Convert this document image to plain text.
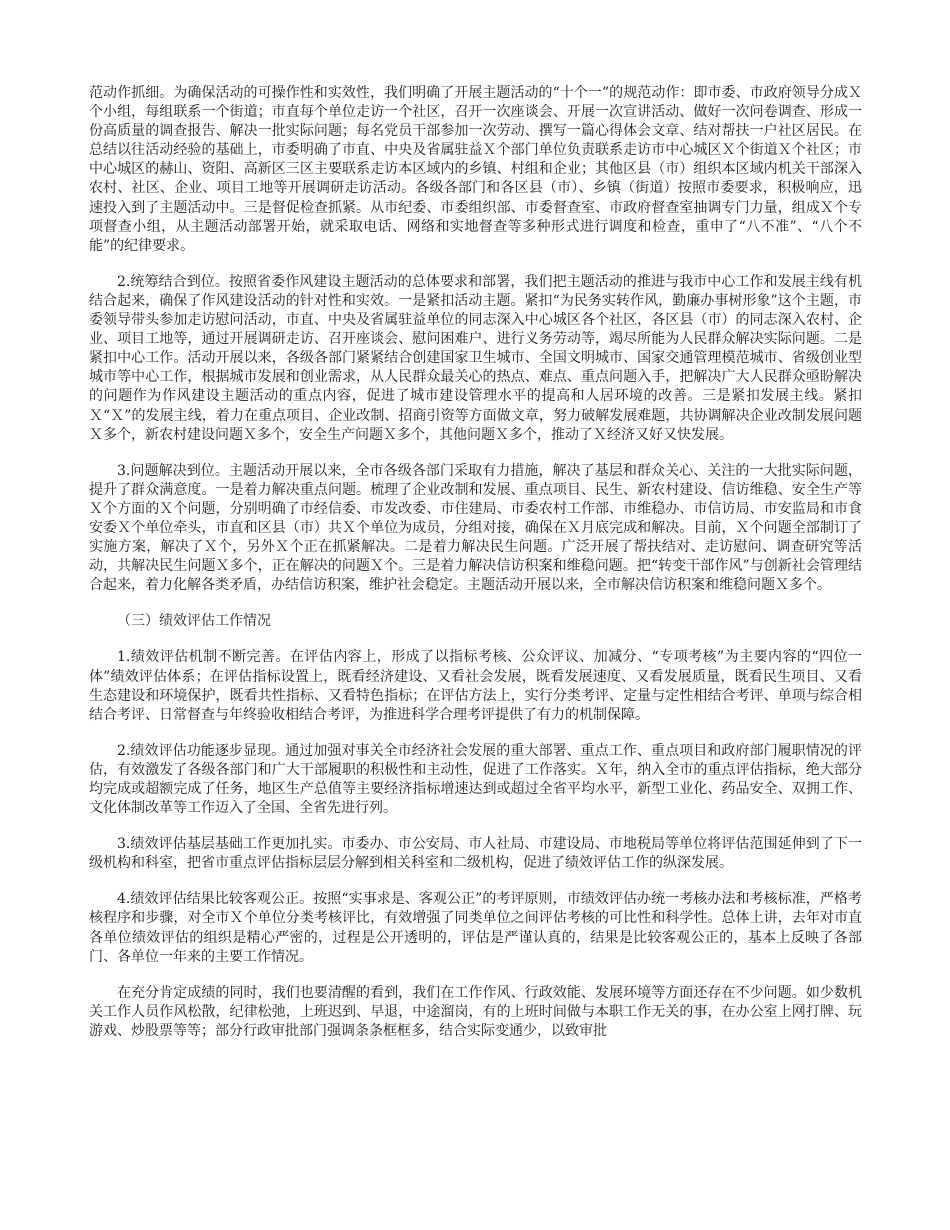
范动作抓细。为确保活动的可操作性和实效性，我们明确了开展主题活动的“十个一”的规范动作：即市委、市政府领导分成Ｘ个小组，每组联系一个街道；市直每个单位走访一个社区，召开一次座谈会、开展一次宣讲活动、做好一次问卷调查、形成一份高质量的调查报告、解决一批实际问题；每名党员干部参加一次劳动、撰写一篇心得体会文章、结对帮扶一户社区居民。在总结以往活动经验的基础上，市委明确了市直、中央及省属驻益Ｘ个部门单位负责联系走访市中心城区Ｘ个街道Ｘ个社区；市中心城区的赫山、资阳、高新区三区主要联系走访本区域内的乡镇、村组和企业；其他区县（市）组织本区域内机关干部深入农村、社区、企业、项目工地等开展调研走访活动。各级各部门和各区县（市）、乡镇（街道）按照市委要求，积极响应，迅速投入到了主题活动中。三是督促检查抓紧。从市纪委、市委组织部、市委督查室、市政府督查室抽调专门力量，组成Ｘ个专项督查小组，从主题活动部署开始，就采取电话、网络和实地督查等多种形式进行调度和检查，重申了“八不准”、“八个不能”的纪律要求。

2.统筹结合到位。按照省委作风建设主题活动的总体要求和部署，我们把主题活动的推进与我市中心工作和发展主线有机结合起来，确保了作风建设活动的针对性和实效。一是紧扣活动主题。紧扣“为民务实转作风，勤廉办事树形象”这个主题，市委领导带头参加走访慰问活动，市直、中央及省属驻益单位的同志深入中心城区各个社区，各区县（市）的同志深入农村、企业、项目工地等，通过开展调研走访、召开座谈会、慰问困难户、进行义务劳动等，竭尽所能为人民群众解决实际问题。二是紧扣中心工作。活动开展以来，各级各部门紧紧结合创建国家卫生城市、全国文明城市、国家交通管理模范城市、省级创业型城市等中心工作，根据城市发展和创业需求，从人民群众最关心的热点、难点、重点问题入手，把解决广大人民群众亟盼解决的问题作为作风建设主题活动的重点内容，促进了城市建设管理水平的提高和人居环境的改善。三是紧扣发展主线。紧扣Ｘ“Ｘ”的发展主线，着力在重点项目、企业改制、招商引资等方面做文章，努力破解发展难题，共协调解决企业改制发展问题Ｘ多个，新农村建设问题Ｘ多个，安全生产问题Ｘ多个，其他问题Ｘ多个，推动了Ｘ经济又好又快发展。

3.问题解决到位。主题活动开展以来，全市各级各部门采取有力措施，解决了基层和群众关心、关注的一大批实际问题，提升了群众满意度。一是着力解决重点问题。梳理了企业改制和发展、重点项目、民生、新农村建设、信访维稳、安全生产等Ｘ个方面的Ｘ个问题，分别明确了市经信委、市发改委、市住建局、市委农村工作部、市维稳办、市信访局、市安监局和市食安委Ｘ个单位牵头，市直和区县（市）共Ｘ个单位为成员，分组对接，确保在Ｘ月底完成和解决。目前，Ｘ个问题全部制订了实施方案，解决了Ｘ个，另外Ｘ个正在抓紧解决。二是着力解决民生问题。广泛开展了帮扶结对、走访慰问、调查研究等活动，共解决民生问题Ｘ多个，正在解决的问题Ｘ个。三是着力解决信访积案和维稳问题。把“转变干部作风”与创新社会管理结合起来，着力化解各类矛盾，办结信访积案，维护社会稳定。主题活动开展以来，全市解决信访积案和维稳问题Ｘ多个。

（三）绩效评估工作情况

1.绩效评估机制不断完善。在评估内容上，形成了以指标考核、公众评议、加减分、“专项考核”为主要内容的“四位一体”绩效评估体系；在评估指标设置上，既看经济建设、又看社会发展，既看发展速度、又看发展质量，既看民生项目、又看生态建设和环境保护，既看共性指标、又看特色指标；在评估方法上，实行分类考评、定量与定性相结合考评、单项与综合相结合考评、日常督查与年终验收相结合考评，为推进科学合理考评提供了有力的机制保障。

2.绩效评估功能逐步显现。通过加强对事关全市经济社会发展的重大部署、重点工作、重点项目和政府部门履职情况的评估，有效激发了各级各部门和广大干部履职的积极性和主动性，促进了工作落实。Ｘ年，纳入全市的重点评估指标，绝大部分均完成或超额完成了任务，地区生产总值等主要经济指标增速达到或超过全省平均水平，新型工业化、药品安全、双拥工作、文化体制改革等工作迈入了全国、全省先进行列。

3.绩效评估基层基础工作更加扎实。市委办、市公安局、市人社局、市建设局、市地税局等单位将评估范围延伸到了下一级机构和科室，把省市重点评估指标层层分解到相关科室和二级机构，促进了绩效评估工作的纵深发展。

4.绩效评估结果比较客观公正。按照“实事求是、客观公正”的考评原则，市绩效评估办统一考核办法和考核标准，严格考核程序和步骤，对全市Ｘ个单位分类考核评比，有效增强了同类单位之间评估考核的可比性和科学性。总体上讲，去年对市直各单位绩效评估的组织是精心严密的，过程是公开透明的，评估是严谨认真的，结果是比较客观公正的，基本上反映了各部门、各单位一年来的主要工作情况。

在充分肯定成绩的同时，我们也要清醒的看到，我们在工作作风、行政效能、发展环境等方面还存在不少问题。如少数机关工作人员作风松散，纪律松弛，上班迟到、早退，中途溜岗，有的上班时间做与本职工作无关的事，在办公室上网打牌、玩游戏、炒股票等等；部分行政审批部门强调条条框框多，结合实际变通少，以致审批
